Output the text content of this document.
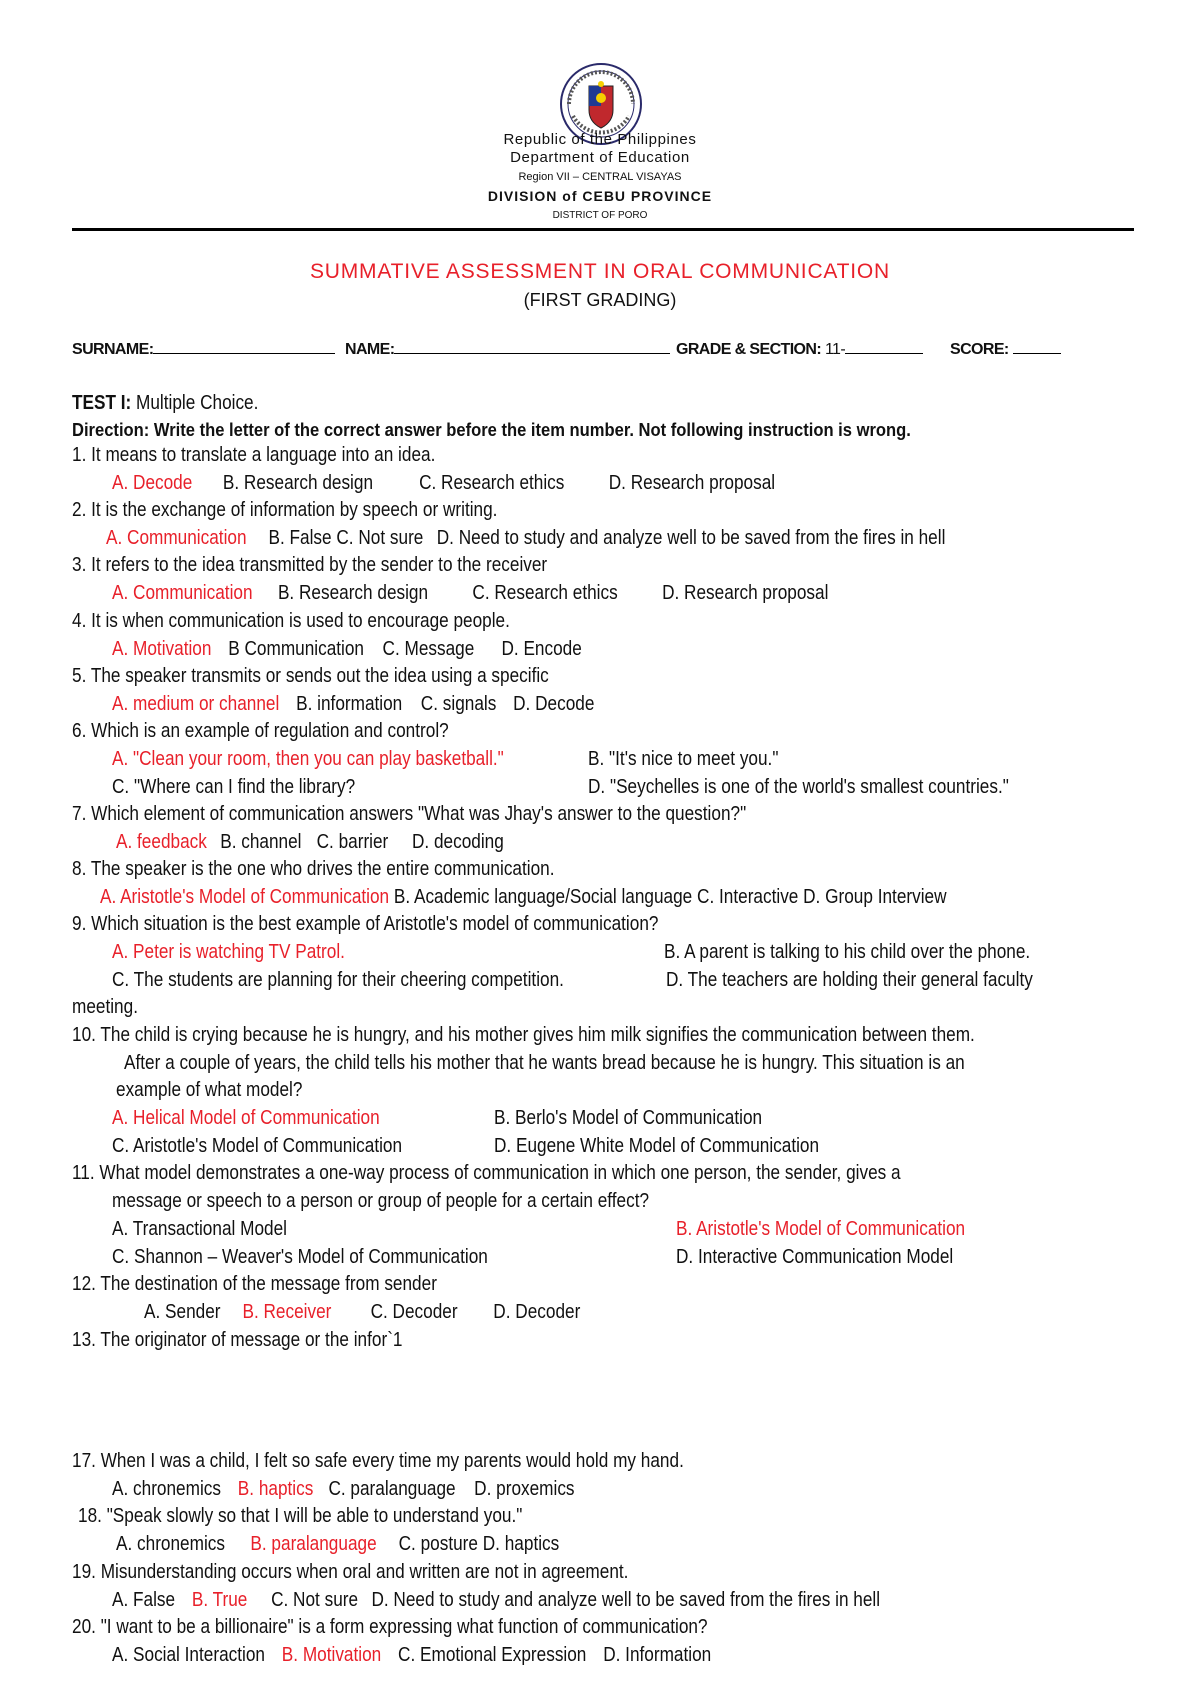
Republic of the Philippines
Department of Education
Region VII – CENTRAL VISAYAS
DIVISION of CEBU PROVINCE
DISTRICT OF PORO
SUMMATIVE ASSESSMENT IN ORAL COMMUNICATION
(FIRST GRADING)
SURNAME:	NAME:	GRADE & SECTION: 11-	SCORE:
TEST I: Multiple Choice.
Direction: Write the letter of the correct answer before the item number. Not following instruction is wrong.
1. It means to translate a language into an idea.
A. Decode B. Research design C. Research ethics D. Research proposal
2. It is the exchange of information by speech or writing.
A. Communication B. False C. Not sure D. Need to study and analyze well to be saved from the fires in hell
3. It refers to the idea transmitted by the sender to the receiver
A. Communication B. Research design C. Research ethics D. Research proposal
4. It is when communication is used to encourage people.
A. Motivation B Communication C. Message D. Encode
5. The speaker transmits or sends out the idea using a specific
A. medium or channel B. information C. signals D. Decode
6. Which is an example of regulation and control?
A. "Clean your room, then you can play basketball."	B. "It's nice to meet you."
C. "Where can I find the library?	D. "Seychelles is one of the world's smallest countries."
7. Which element of communication answers "What was Jhay's answer to the question?"
A. feedback B. channel C. barrier D. decoding
8. The speaker is the one who drives the entire communication.
A. Aristotle's Model of Communication B. Academic language/Social language C. Interactive D. Group Interview
9. Which situation is the best example of Aristotle's model of communication?
A. Peter is watching TV Patrol.	B. A parent is talking to his child over the phone.
C. The students are planning for their cheering competition.	D. The teachers are holding their general faculty
meeting.
10. The child is crying because he is hungry, and his mother gives him milk signifies the communication between them.
After a couple of years, the child tells his mother that he wants bread because he is hungry. This situation is an
example of what model?
A. Helical Model of Communication	B. Berlo's Model of Communication
C. Aristotle's Model of Communication	D. Eugene White Model of Communication
11. What model demonstrates a one-way process of communication in which one person, the sender, gives a
message or speech to a person or group of people for a certain effect?
A. Transactional Model	B. Aristotle's Model of Communication
C. Shannon – Weaver's Model of Communication	D. Interactive Communication Model
12. The destination of the message from sender
A. Sender B. Receiver C. Decoder D. Decoder
13. The originator of message or the infor`1
17. When I was a child, I felt so safe every time my parents would hold my hand.
A. chronemics B. haptics C. paralanguage D. proxemics
18. "Speak slowly so that I will be able to understand you."
A. chronemics B. paralanguage C. posture D. haptics
19. Misunderstanding occurs when oral and written are not in agreement.
A. False B. True C. Not sure D. Need to study and analyze well to be saved from the fires in hell
20. "I want to be a billionaire" is a form expressing what function of communication?
A. Social Interaction B. Motivation C. Emotional Expression D. Information
